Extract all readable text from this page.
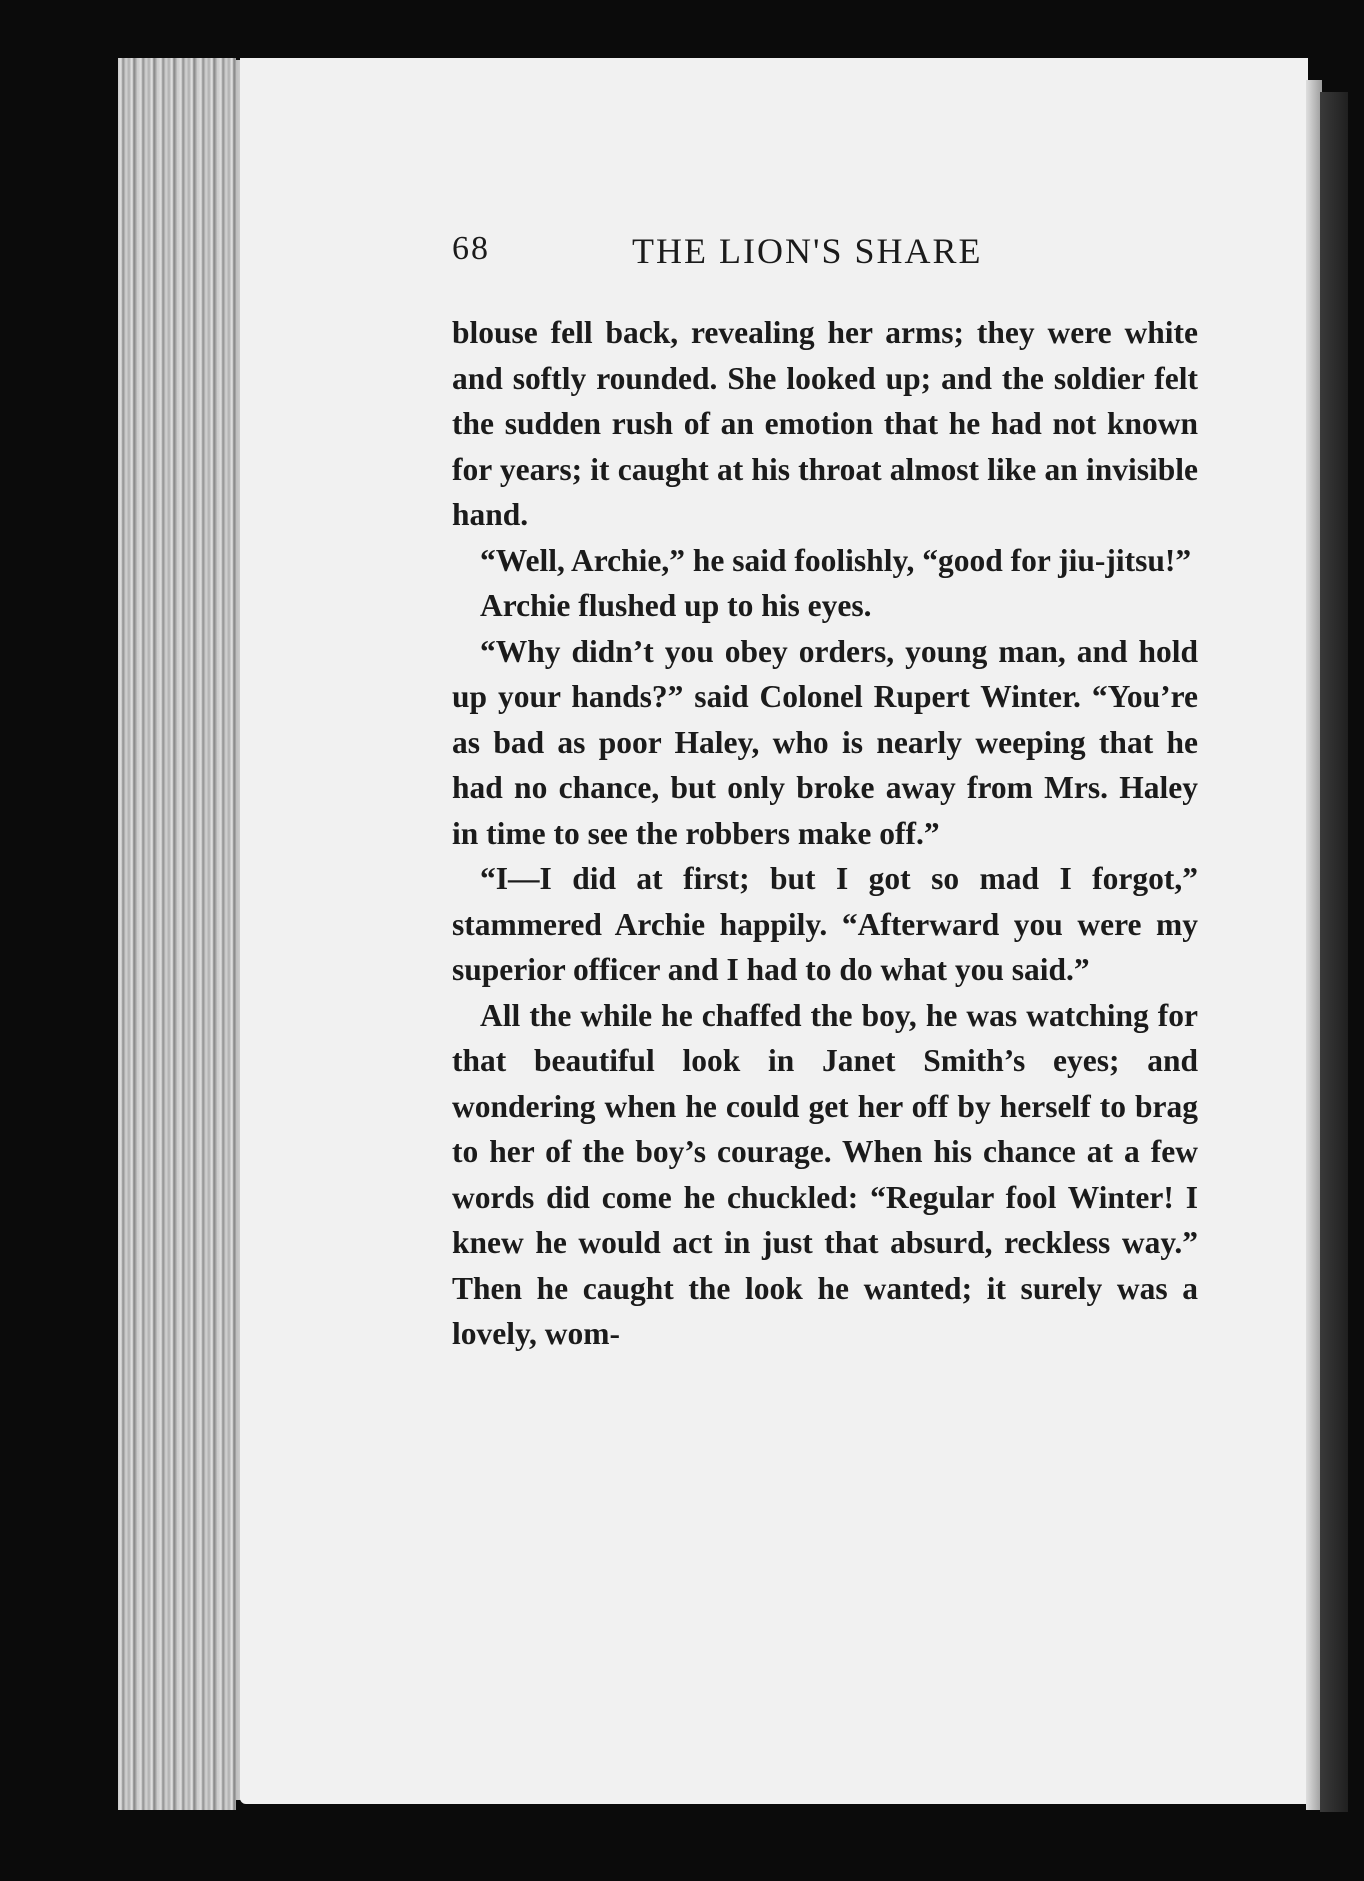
68	THE LION'S SHARE

blouse fell back, revealing her arms; they were white and softly rounded. She looked up; and the soldier felt the sudden rush of an emotion that he had not known for years; it caught at his throat almost like an invisible hand.

“Well, Archie,” he said foolishly, “good for jiu-jitsu!”

Archie flushed up to his eyes.

“Why didn’t you obey orders, young man, and hold up your hands?” said Colonel Rupert Winter. “You’re as bad as poor Haley, who is nearly weeping that he had no chance, but only broke away from Mrs. Haley in time to see the robbers make off.”

“I—I did at first; but I got so mad I forgot,” stammered Archie happily. “Afterward you were my superior officer and I had to do what you said.”

All the while he chaffed the boy, he was watching for that beautiful look in Janet Smith’s eyes; and wondering when he could get her off by herself to brag to her of the boy’s courage. When his chance at a few words did come he chuckled: “Regular fool Winter! I knew he would act in just that absurd, reckless way.” Then he caught the look he wanted; it surely was a lovely, wom-
